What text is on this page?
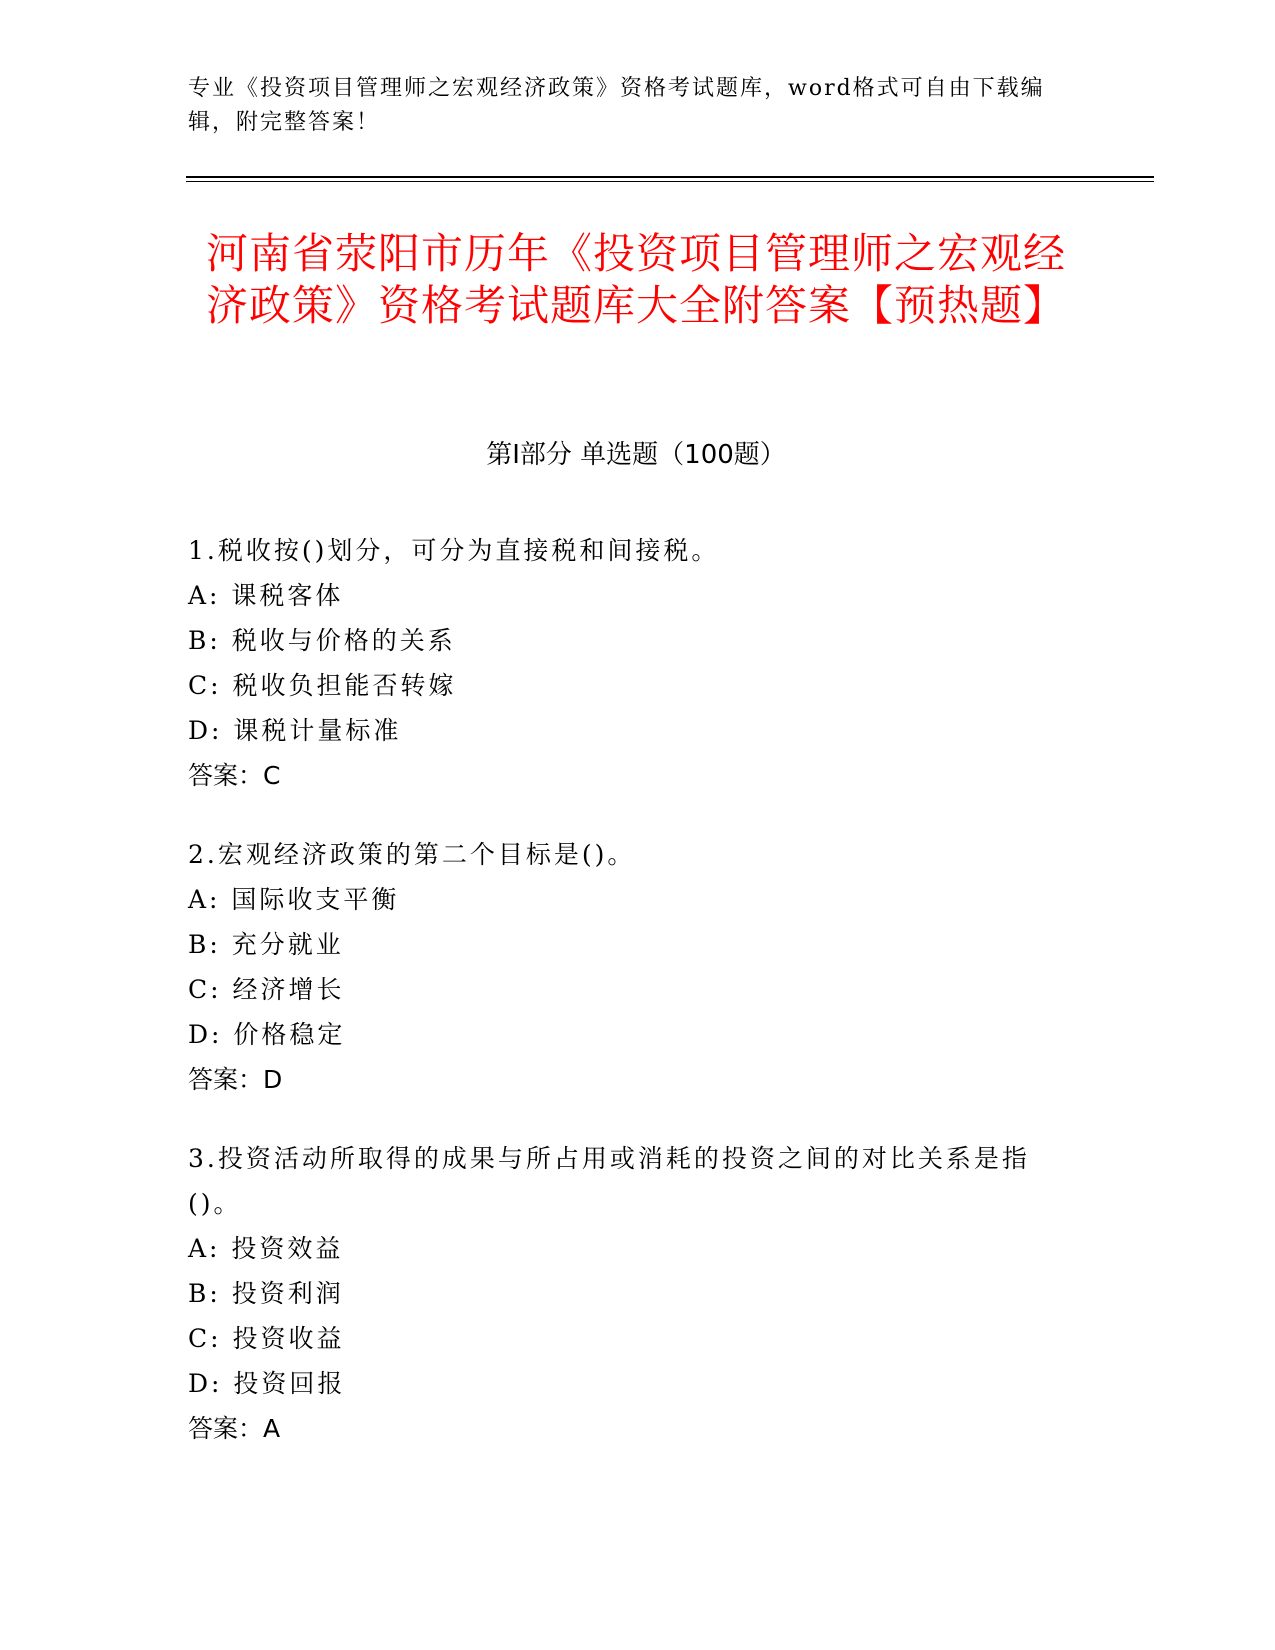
专业《投资项目管理师之宏观经济政策》资格考试题库，word格式可自由下载编辑，附完整答案！
河南省荥阳市历年《投资项目管理师之宏观经济政策》资格考试题库大全附答案【预热题】
第Ⅰ部分 单选题（100题）
1.税收按()划分，可分为直接税和间接税。
A: 课税客体
B: 税收与价格的关系
C: 税收负担能否转嫁
D: 课税计量标准
答案：C
2.宏观经济政策的第二个目标是()。
A: 国际收支平衡
B: 充分就业
C: 经济增长
D: 价格稳定
答案：D
3.投资活动所取得的成果与所占用或消耗的投资之间的对比关系是指()。
A: 投资效益
B: 投资利润
C: 投资收益
D: 投资回报
答案：A
